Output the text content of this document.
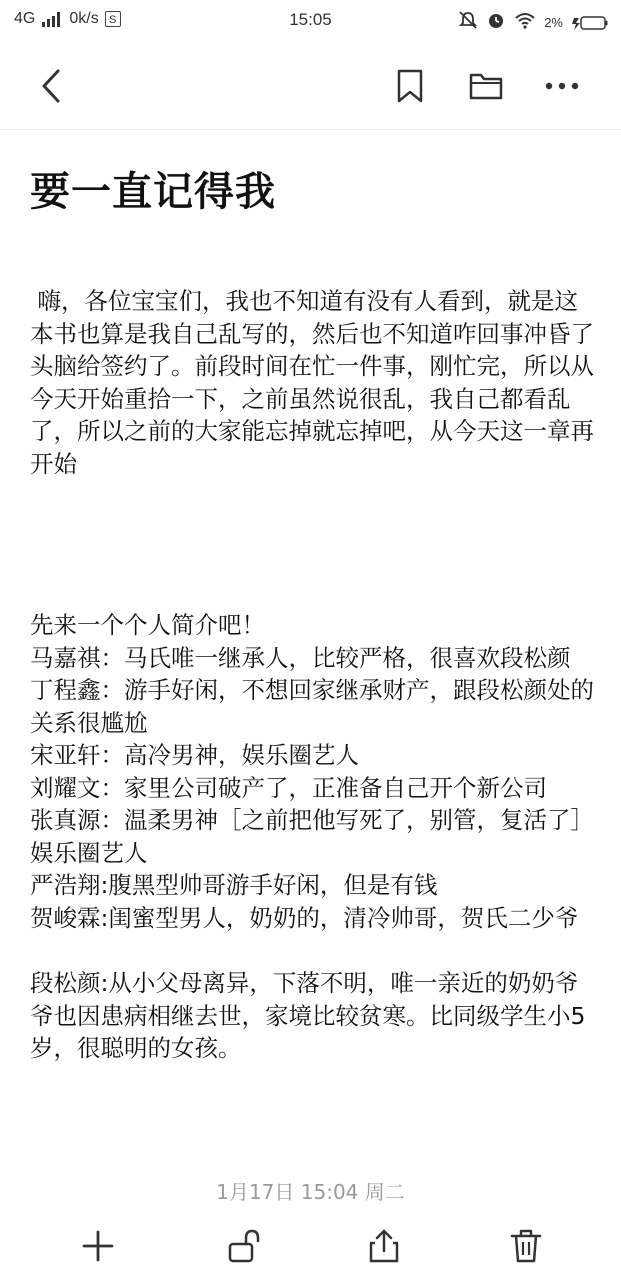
4G 0k/s S	15:05	2%
要一直记得我

嗨，各位宝宝们，我也不知道有没有人看到，就是这本书也算是我自己乱写的，然后也不知道咋回事冲昏了头脑给签约了。前段时间在忙一件事，刚忙完，所以从今天开始重拾一下，之前虽然说很乱，我自己都看乱了，所以之前的大家能忘掉就忘掉吧，从今天这一章再开始

先来一个个人简介吧！

马嘉祺：马氏唯一继承人，比较严格，很喜欢段松颜

丁程鑫：游手好闲，不想回家继承财产，跟段松颜处的关系很尴尬

宋亚轩：高冷男神，娱乐圈艺人

刘耀文：家里公司破产了，正准备自己开个新公司

张真源：温柔男神［之前把他写死了，别管，复活了］娱乐圈艺人

严浩翔:腹黑型帅哥游手好闲，但是有钱

贺峻霖:闺蜜型男人，奶奶的，清冷帅哥，贺氏二少爷

段松颜:从小父母离异，下落不明，唯一亲近的奶奶爷爷也因患病相继去世，家境比较贫寒。比同级学生小5岁，很聪明的女孩。

1月17日 15:04 周二
